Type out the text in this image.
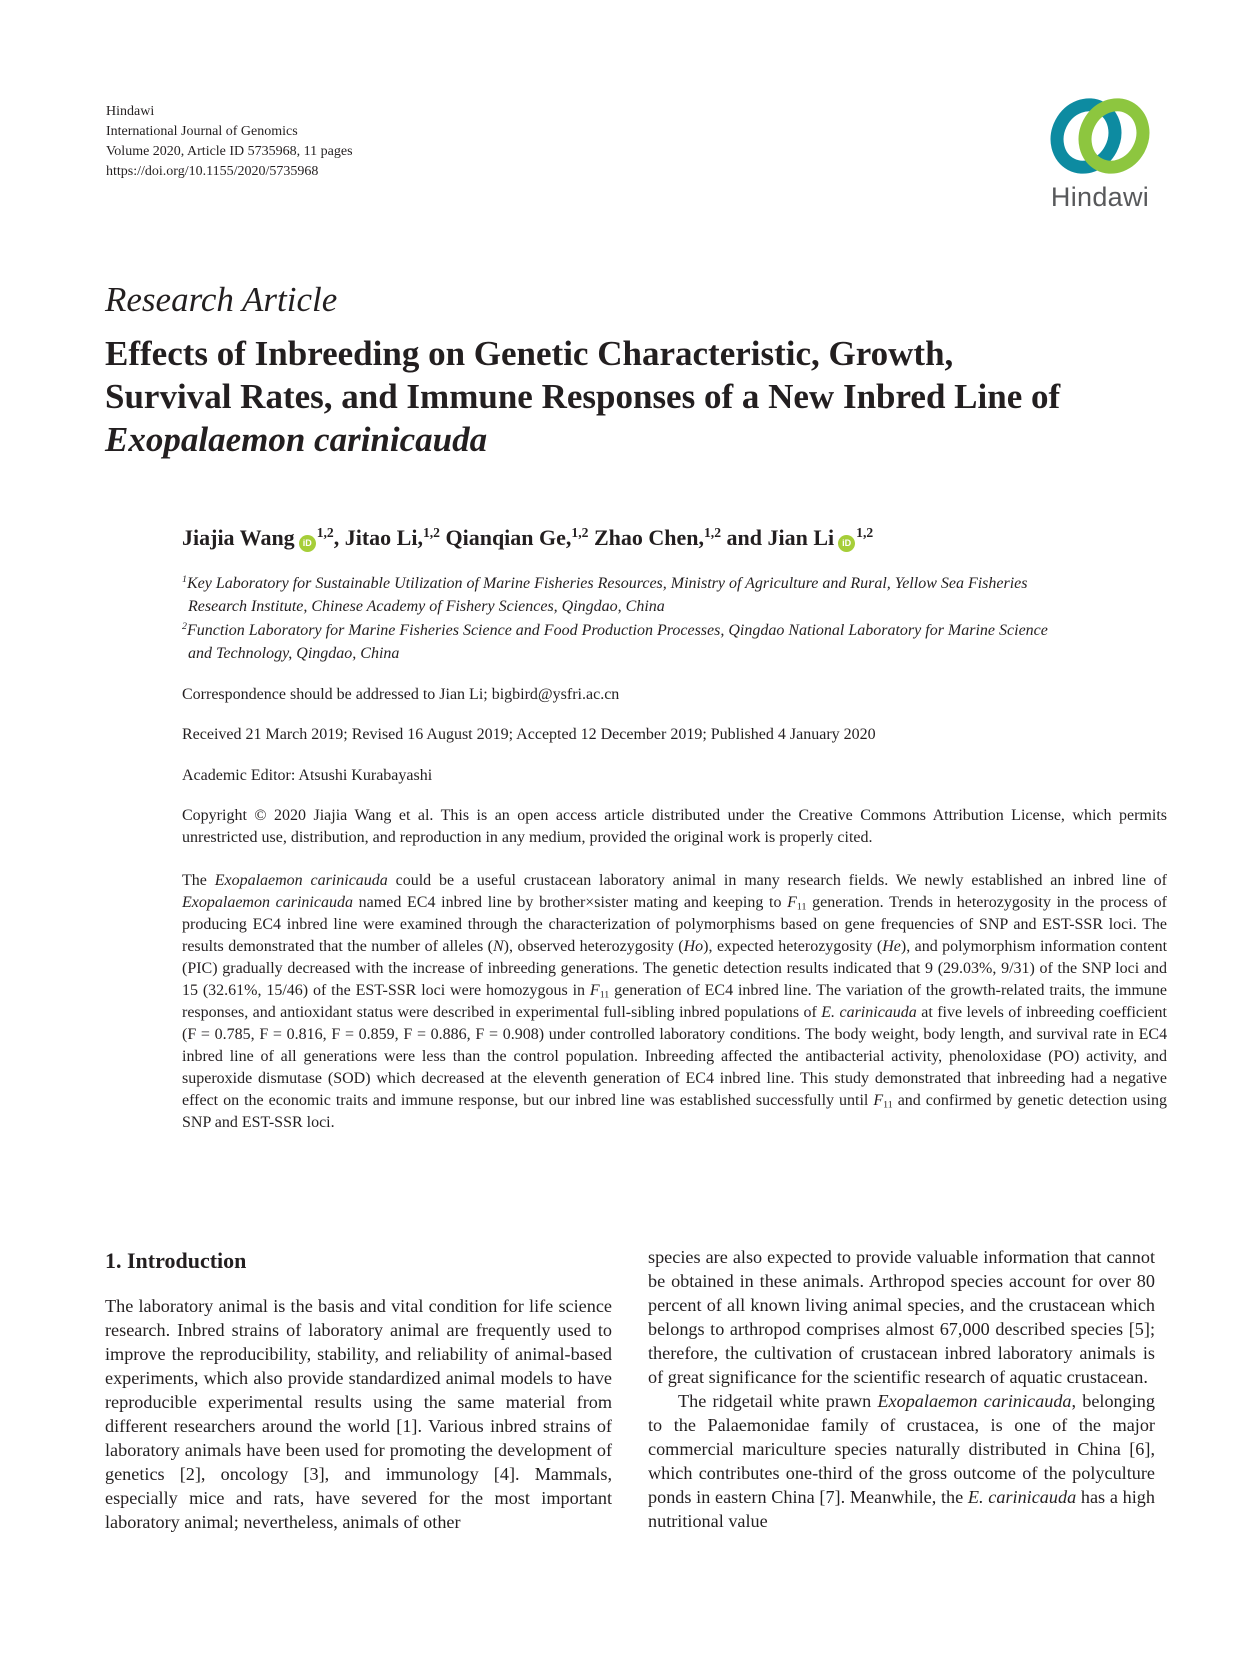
Hindawi
International Journal of Genomics
Volume 2020, Article ID 5735968, 11 pages
https://doi.org/10.1155/2020/5735968
Hindawi
Research Article
Effects of Inbreeding on Genetic Characteristic, Growth,
Survival Rates, and Immune Responses of a New Inbred Line of
Exopalaemon carinicauda
Jiajia Wang iD$^{1,2}$, Jitao Li,$^{1,2}$ Qianqian Ge,$^{1,2}$ Zhao Chen,$^{1,2}$ and Jian Li iD$^{1,2}$
$^1$Key Laboratory for Sustainable Utilization of Marine Fisheries Resources, Ministry of Agriculture and Rural, Yellow Sea Fisheries
Research Institute, Chinese Academy of Fishery Sciences, Qingdao, China
$^2$Function Laboratory for Marine Fisheries Science and Food Production Processes, Qingdao National Laboratory for Marine Science
and Technology, Qingdao, China
Correspondence should be addressed to Jian Li; bigbird@ysfri.ac.cn
Received 21 March 2019; Revised 16 August 2019; Accepted 12 December 2019; Published 4 January 2020
Academic Editor: Atsushi Kurabayashi
Copyright © 2020 Jiajia Wang et al. This is an open access article distributed under the Creative Commons Attribution License, which permits unrestricted use, distribution, and reproduction in any medium, provided the original work is properly cited.
The Exopalaemon carinicauda could be a useful crustacean laboratory animal in many research fields. We newly established an inbred line of Exopalaemon carinicauda named EC4 inbred line by brother×sister mating and keeping to $F_{11}$ generation. Trends in heterozygosity in the process of producing EC4 inbred line were examined through the characterization of polymorphisms based on gene frequencies of SNP and EST-SSR loci. The results demonstrated that the number of alleles (N), observed heterozygosity (Ho), expected heterozygosity (He), and polymorphism information content (PIC) gradually decreased with the increase of inbreeding generations. The genetic detection results indicated that 9 (29.03%, 9/31) of the SNP loci and 15 (32.61%, 15/46) of the EST-SSR loci were homozygous in $F_{11}$ generation of EC4 inbred line. The variation of the growth-related traits, the immune responses, and antioxidant status were described in experimental full-sibling inbred populations of E. carinicauda at five levels of inbreeding coefficient (F = 0.785, F = 0.816, F = 0.859, F = 0.886, F = 0.908) under controlled laboratory conditions. The body weight, body length, and survival rate in EC4 inbred line of all generations were less than the control population. Inbreeding affected the antibacterial activity, phenoloxidase (PO) activity, and superoxide dismutase (SOD) which decreased at the eleventh generation of EC4 inbred line. This study demonstrated that inbreeding had a negative effect on the economic traits and immune response, but our inbred line was established successfully until $F_{11}$ and confirmed by genetic detection using SNP and EST-SSR loci.
1. Introduction
The laboratory animal is the basis and vital condition for life science research. Inbred strains of laboratory animal are frequently used to improve the reproducibility, stability, and reliability of animal-based experiments, which also provide standardized animal models to have reproducible experimental results using the same material from different researchers around the world [1]. Various inbred strains of laboratory animals have been used for promoting the development of genetics [2], oncology [3], and immunology [4]. Mammals, especially mice and rats, have severed for the most important laboratory animal; nevertheless, animals of other
species are also expected to provide valuable information that cannot be obtained in these animals. Arthropod species account for over 80 percent of all known living animal species, and the crustacean which belongs to arthropod comprises almost 67,000 described species [5]; therefore, the cultivation of crustacean inbred laboratory animals is of great significance for the scientific research of aquatic crustacean.
The ridgetail white prawn Exopalaemon carinicauda, belonging to the Palaemonidae family of crustacea, is one of the major commercial mariculture species naturally distributed in China [6], which contributes one-third of the gross outcome of the polyculture ponds in eastern China [7]. Meanwhile, the E. carinicauda has a high nutritional value
